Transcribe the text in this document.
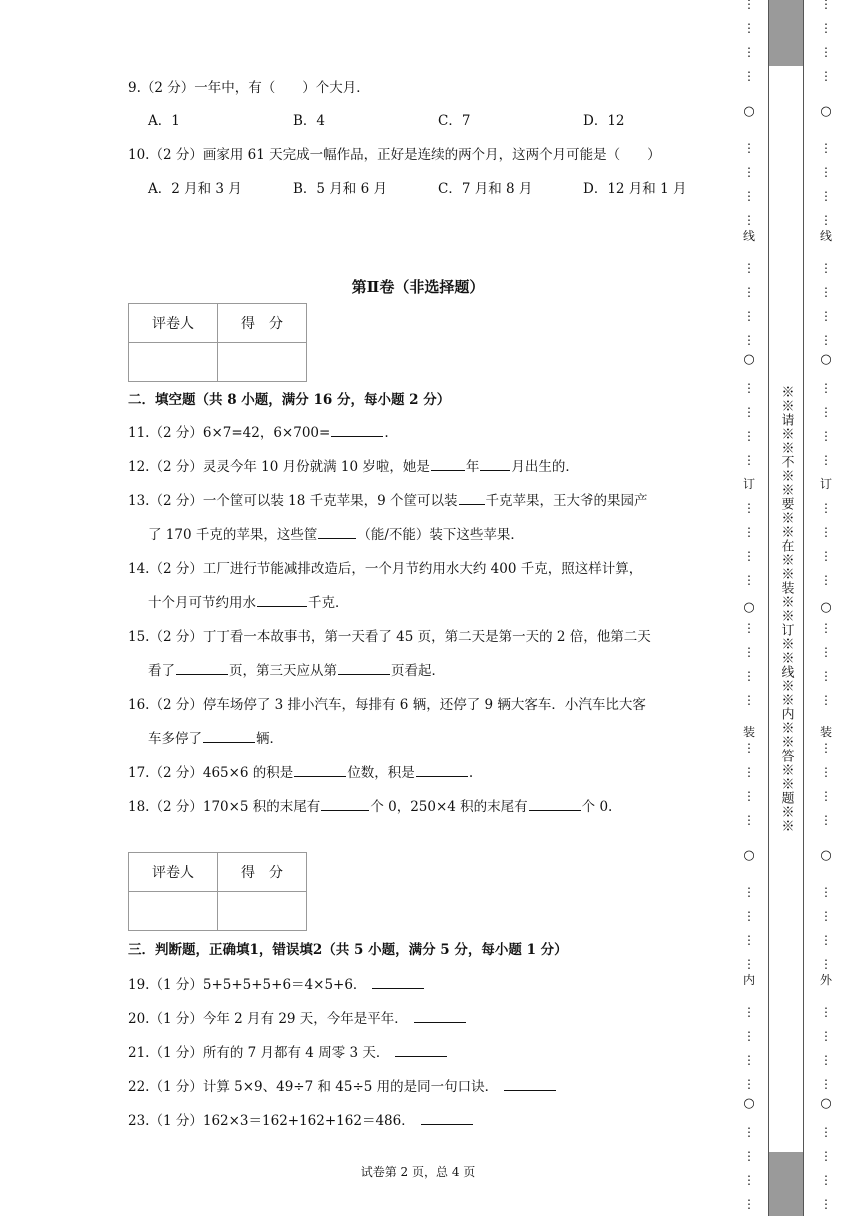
9.（2 分）一年中，有（　　）个大月．
A．1	B．4	C．7	D．12
10.（2 分）画家用 61 天完成一幅作品，正好是连续的两个月，这两个月可能是（　　）
A．2 月和 3 月	B．5 月和 6 月	C．7 月和 8 月	D．12 月和 1 月
第Ⅱ卷（非选择题）
评卷人	得　分

二．填空题（共 8 小题，满分 16 分，每小题 2 分）
11.（2 分）6×7=42，6×700=	.
12.（2 分）灵灵今年 10 月份就满 10 岁啦，她是	年 月出生的．
13.（2 分）一个筐可以装 18 千克苹果，9 个筐可以装 千克苹果，王大爷的果园产
了 170 千克的苹果，这些筐	（能/不能）装下这些苹果．
14.（2 分）工厂进行节能减排改造后，一个月节约用水大约 400 千克，照这样计算，
十个月可节约用水	千克．
15.（2 分）丁丁看一本故事书，第一天看了 45 页，第二天是第一天的 2 倍，他第二天
看了	页，第三天应从第	页看起．
16.（2 分）停车场停了 3 排小汽车，每排有 6 辆，还停了 9 辆大客车．小汽车比大客
车多停了	辆．
17.（2 分）465×6 的积是	位数，积是	.
18.（2 分）170×5 积的末尾有	个 0，250×4 积的末尾有	个 0.
评卷人	得　分

三．判断题，正确填1，错误填2（共 5 小题，满分 5 分，每小题 1 分）
19.（1 分）5+5+5+5+6＝4×5+6．
20.（1 分）今年 2 月有 29 天，今年是平年．
21.（1 分）所有的 7 月都有 4 周零 3 天．
22.（1 分）计算 5×9、49÷7 和 45÷5 用的是同一句口诀．
23.（1 分）162×3＝162+162+162＝486．
试卷第 2 页，总 4 页
○
○
○
○
○
线
订
装
内
⋮
⋮
⋮
⋮
⋮
⋮
⋮
⋮
⋮
⋮
⋮
⋮
⋮
⋮
⋮
⋮
⋮
⋮
⋮
⋮
⋮
⋮
⋮
⋮
⋮
⋮
⋮
⋮
⋮
⋮
⋮
⋮
⋮
⋮
⋮
⋮
⋮
⋮
⋮
⋮
※※请※※不※※要※※在※※装※※订※※线※※内※※答※※题※※
○
○
○
○
○
线
订
装
外
⋮
⋮
⋮
⋮
⋮
⋮
⋮
⋮
⋮
⋮
⋮
⋮
⋮
⋮
⋮
⋮
⋮
⋮
⋮
⋮
⋮
⋮
⋮
⋮
⋮
⋮
⋮
⋮
⋮
⋮
⋮
⋮
⋮
⋮
⋮
⋮
⋮
⋮
⋮
⋮
